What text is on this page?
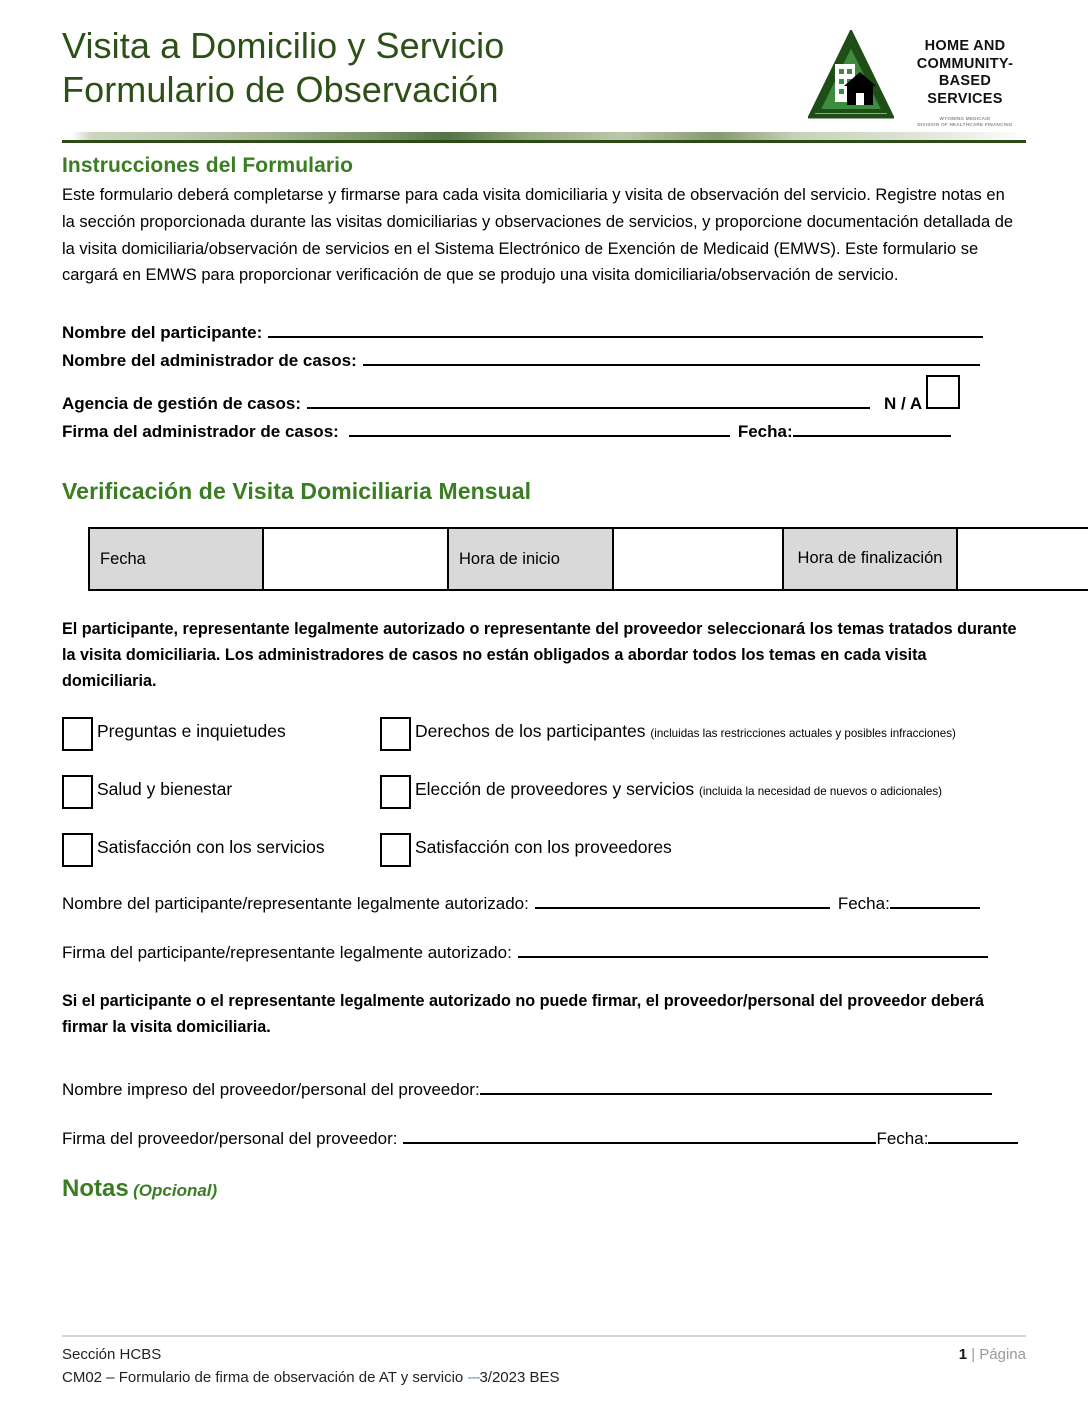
Visita a Domicilio y Servicio
Formulario de Observación
HOME AND
COMMUNITY-
BASED
SERVICES
WYOMING MEDICAID
DIVISION OF HEALTHCARE FINANCING
Instrucciones del Formulario

Este formulario deberá completarse y firmarse para cada visita domiciliaria y visita de observación del servicio. Registre notas en la sección proporcionada durante las visitas domiciliarias y observaciones de servicios, y proporcione documentación detallada de la visita domiciliaria/observación de servicios en el Sistema Electrónico de Exención de Medicaid (EMWS). Este formulario se cargará en EMWS para proporcionar verificación de que se produjo una visita domiciliaria/observación de servicio.

Nombre del participante:
Nombre del administrador de casos:
Agencia de gestión de casos:	N / A
Firma del administrador de casos:	Fecha:
Verificación de Visita Domiciliaria Mensual
Fecha		Hora de inicio		Hora de finalización	

El participante, representante legalmente autorizado o representante del proveedor seleccionará los temas tratados durante la visita domiciliaria. Los administradores de casos no están obligados a abordar todos los temas en cada visita domiciliaria.

Preguntas e inquietudes	Derechos de los participantes (incluidas las restricciones actuales y posibles infracciones)
Salud y bienestar	Elección de proveedores y servicios (incluida la necesidad de nuevos o adicionales)
Satisfacción con los servicios	Satisfacción con los proveedores
Nombre del participante/representante legalmente autorizado:	Fecha:
Firma del participante/representante legalmente autorizado:

Si el participante o el representante legalmente autorizado no puede firmar, el proveedor/personal del proveedor deberá firmar la visita domiciliaria.

Nombre impreso del proveedor/personal del proveedor:
Firma del proveedor/personal del proveedor:	Fecha:
Notas (Opcional)
Sección HCBS	1 | Página
CM02 – Formulario de firma de observación de AT y servicio ---3/2023 BES
